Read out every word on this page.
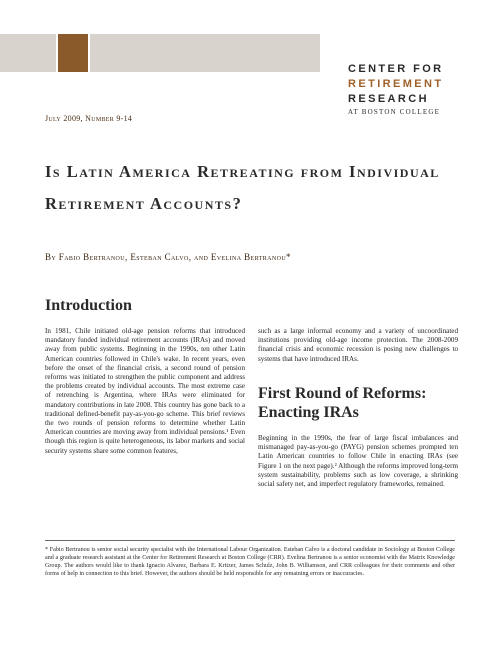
CENTER FOR
RETIREMENT
RESEARCH
AT BOSTON COLLEGE
July 2009, Number 9-14
Is Latin America Retreating from Individual Retirement Accounts?
By Fabio Bertranou, Esteban Calvo, and Evelina Bertranou*
Introduction

In 1981, Chile initiated old-age pension reforms that introduced mandatory funded individual retirement accounts (IRAs) and moved away from public systems. Beginning in the 1990s, ten other Latin American countries followed in Chile's wake. In recent years, even before the onset of the financial crisis, a second round of pension reforms was initiated to strengthen the public component and address the problems created by individual accounts. The most extreme case of retrenching is Argentina, where IRAs were eliminated for mandatory contributions in late 2008. This country has gone back to a traditional defined-benefit pay-as-you-go scheme. This brief reviews the two rounds of pension reforms to determine whether Latin American countries are moving away from individual pensions.¹ Even though this region is quite heterogeneous, its labor markets and social security systems share some common features,

such as a large informal economy and a variety of uncoordinated institutions providing old-age income protection. The 2008-2009 financial crisis and economic recession is posing new challenges to systems that have introduced IRAs.

First Round of Reforms: Enacting IRAs

Beginning in the 1990s, the fear of large fiscal imbalances and mismanaged pay-as-you-go (PAYG) pension schemes prompted ten Latin American countries to follow Chile in enacting IRAs (see Figure 1 on the next page).² Although the reforms improved long-term system sustainability, problems such as low coverage, a shrinking social safety net, and imperfect regulatory frameworks, remained.

* Fabio Bertranou is senior social security specialist with the International Labour Organization. Esteban Calvo is a doctoral candidate in Sociology at Boston College and a graduate research assistant at the Center for Retirement Research at Boston College (CRR). Evelina Bertranou is a senior economist with the Matrix Knowledge Group. The authors would like to thank Ignacio Alvarez, Barbara E. Kritzer, James Schulz, John B. Williamson, and CRR colleagues for their comments and other forms of help in connection to this brief. However, the authors should be held responsible for any remaining errors or inaccuracies.
